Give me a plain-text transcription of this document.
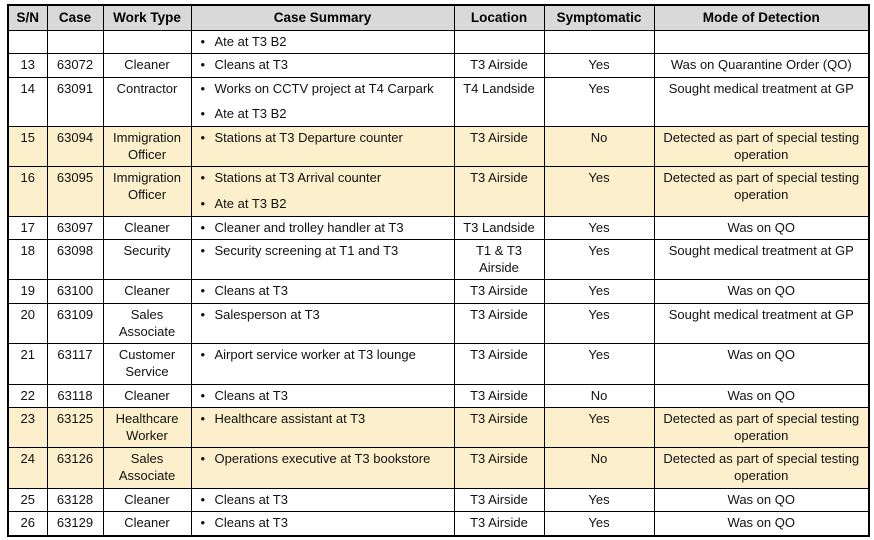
S/N	Case	Work Type	Case Summary	Location	Symptomatic	Mode of Detection

			• Ate at T3 B2			

13	63072	Cleaner	• Cleans at T3	T3 Airside	Yes	Was on Quarantine Order (QO)
14	63091	Contractor	• Works on CCTV project at T4 Carpark
• Ate at T3 B2	T4 Landside	Yes	Sought medical treatment at GP
15	63094	Immigration Officer	• Stations at T3 Departure counter	T3 Airside	No	Detected as part of special testing operation
16	63095	Immigration Officer	• Stations at T3 Arrival counter
• Ate at T3 B2	T3 Airside	Yes	Detected as part of special testing operation
17	63097	Cleaner	• Cleaner and trolley handler at T3	T3 Landside	Yes	Was on QO
18	63098	Security	• Security screening at T1 and T3	T1 & T3 Airside	Yes	Sought medical treatment at GP
19	63100	Cleaner	• Cleans at T3	T3 Airside	Yes	Was on QO
20	63109	Sales Associate	• Salesperson at T3	T3 Airside	Yes	Sought medical treatment at GP
21	63117	Customer Service	• Airport service worker at T3 lounge	T3 Airside	Yes	Was on QO
22	63118	Cleaner	• Cleans at T3	T3 Airside	No	Was on QO
23	63125	Healthcare Worker	• Healthcare assistant at T3	T3 Airside	Yes	Detected as part of special testing operation
24	63126	Sales Associate	• Operations executive at T3 bookstore	T3 Airside	No	Detected as part of special testing operation
25	63128	Cleaner	• Cleans at T3	T3 Airside	Yes	Was on QO
26	63129	Cleaner	• Cleans at T3	T3 Airside	Yes	Was on QO
